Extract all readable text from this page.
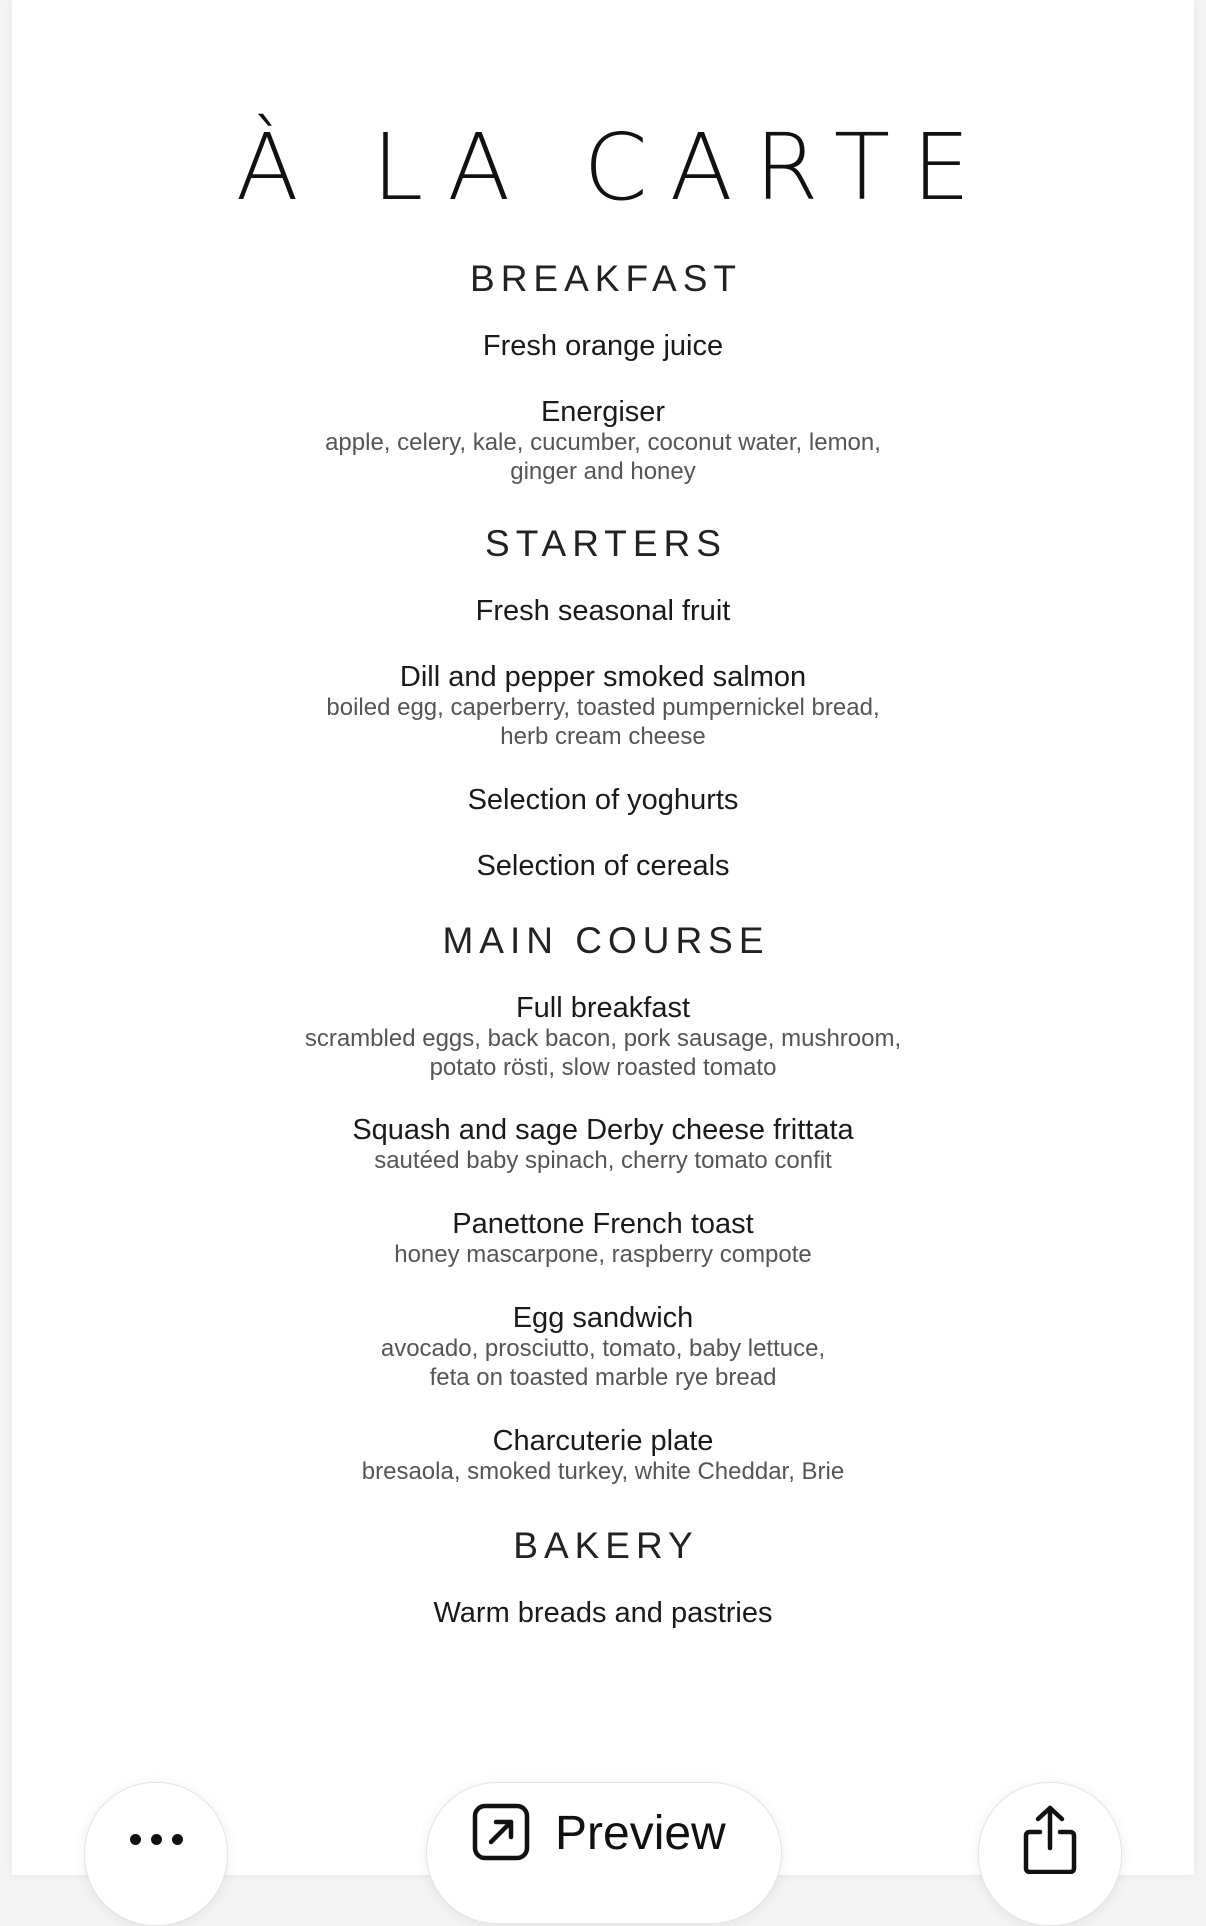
À LA CARTE
BREAKFAST
Fresh orange juice
Energiser
apple, celery, kale, cucumber, coconut water, lemon,
ginger and honey
STARTERS
Fresh seasonal fruit
Dill and pepper smoked salmon
boiled egg, caperberry, toasted pumpernickel bread,
herb cream cheese
Selection of yoghurts
Selection of cereals
MAIN COURSE
Full breakfast
scrambled eggs, back bacon, pork sausage, mushroom,
potato rösti, slow roasted tomato
Squash and sage Derby cheese frittata
sautéed baby spinach, cherry tomato confit
Panettone French toast
honey mascarpone, raspberry compote
Egg sandwich
avocado, prosciutto, tomato, baby lettuce,
feta on toasted marble rye bread
Charcuterie plate
bresaola, smoked turkey, white Cheddar, Brie
BAKERY
Warm breads and pastries
Preview
